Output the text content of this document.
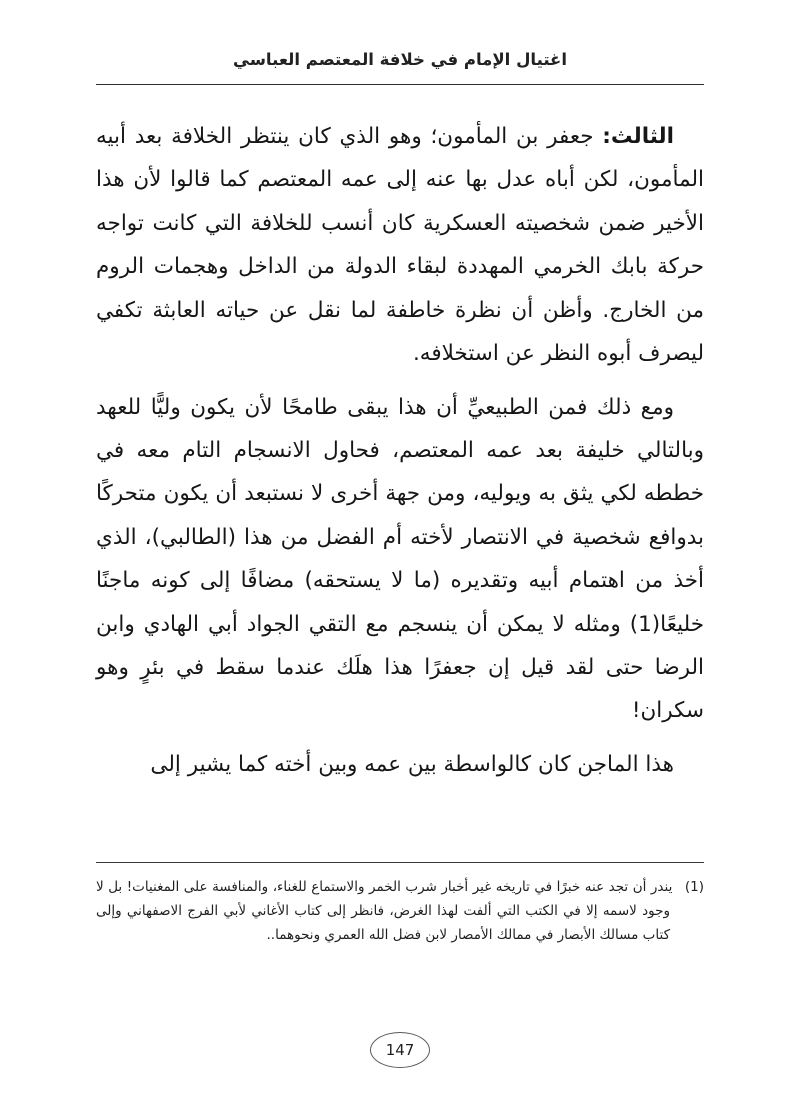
اغتيال الإمام في خلافة المعتصم العباسي

الثالث: جعفر بن المأمون؛ وهو الذي كان ينتظر الخلافة بعد أبيه المأمون، لكن أباه عدل بها عنه إلى عمه المعتصم كما قالوا لأن هذا الأخير ضمن شخصيته العسكرية كان أنسب للخلافة التي كانت تواجه حركة بابك الخرمي المهددة لبقاء الدولة من الداخل وهجمات الروم من الخارج. وأظن أن نظرة خاطفة لما نقل عن حياته العابثة تكفي ليصرف أبوه النظر عن استخلافه.

ومع ذلك فمن الطبيعيِّ أن هذا يبقى طامحًا لأن يكون وليًّا للعهد وبالتالي خليفة بعد عمه المعتصم، فحاول الانسجام التام معه في خططه لكي يثق به ويوليه، ومن جهة أخرى لا نستبعد أن يكون متحركًا بدوافع شخصية في الانتصار لأخته أم الفضل من هذا (الطالبي)، الذي أخذ من اهتمام أبيه وتقديره (ما لا يستحقه) مضافًا إلى كونه ماجنًا خليعًا(1) ومثله لا يمكن أن ينسجم مع التقي الجواد أبي الهادي وابن الرضا حتى لقد قيل إن جعفرًا هذا هلَك عندما سقط في بئرٍ وهو سكران!

هذا الماجن كان كالواسطة بين عمه وبين أخته كما يشير إلى

(1) يندر أن تجد عنه خبرًا في تاريخه غير أخبار شرب الخمر والاستماع للغناء، والمنافسة على المغنيات! بل لا وجود لاسمه إلا في الكتب التي ألفت لهذا الغرض، فانظر إلى كتاب الأغاني لأبي الفرج الاصفهاني وإلى كتاب مسالك الأبصار في ممالك الأمصار لابن فضل الله العمري ونحوهما..
147
